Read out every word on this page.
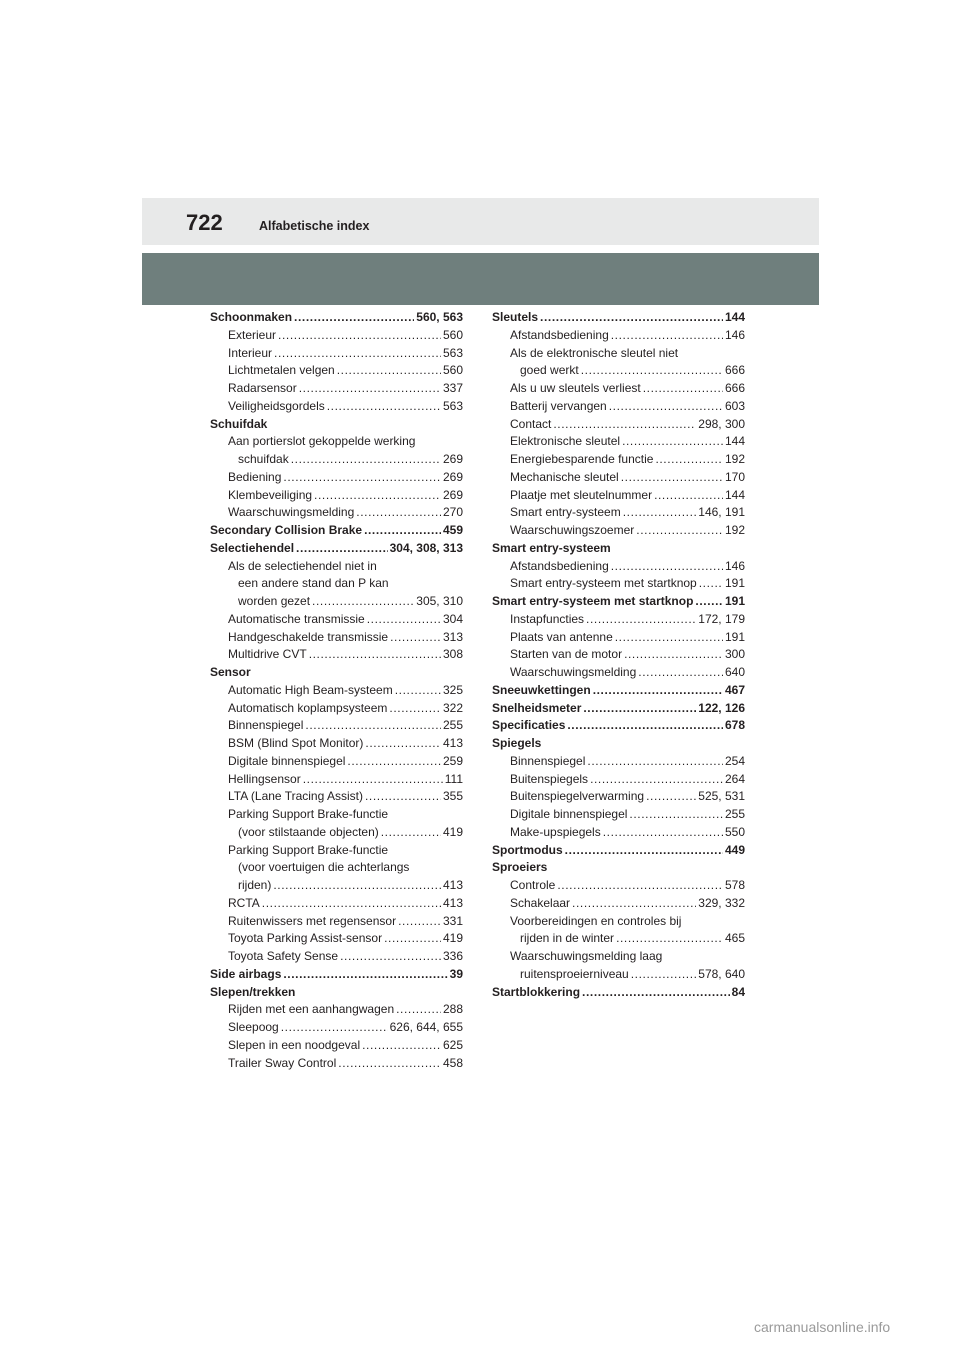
722	Alfabetische index
Schoonmaken .....	560, 563
Exterieur .....	560
Interieur .....	563
Lichtmetalen velgen .....	560
Radarsensor .....	337
Veiligheidsgordels .....	563
Schuifdak
Aan portierslot gekoppelde werking
schuifdak .....	269
Bediening .....	269
Klembeveiliging .....	269
Waarschuwingsmelding .....	270
Secondary Collision Brake .....	459
Selectiehendel .....	304, 308, 313
Als de selectiehendel niet in
een andere stand dan P kan
worden gezet .....	305, 310
Automatische transmissie .....	304
Handgeschakelde transmissie .....	313
Multidrive CVT .....	308
Sensor
Automatic High Beam-systeem .....	325
Automatisch koplampsysteem .....	322
Binnenspiegel .....	255
BSM (Blind Spot Monitor) .....	413
Digitale binnenspiegel .....	259
Hellingsensor .....	111
LTA (Lane Tracing Assist) .....	355
Parking Support Brake-functie
(voor stilstaande objecten) .....	419
Parking Support Brake-functie
(voor voertuigen die achterlangs
rijden) .....	413
RCTA .....	413
Ruitenwissers met regensensor .....	331
Toyota Parking Assist-sensor .....	419
Toyota Safety Sense .....	336
Side airbags .....	39
Slepen/trekken
Rijden met een aanhangwagen .....	288
Sleepoog .....	626, 644, 655
Slepen in een noodgeval .....	625
Trailer Sway Control .....	458
Sleutels .....	144
Afstandsbediening .....	146
Als de elektronische sleutel niet
goed werkt .....	666
Als u uw sleutels verliest .....	666
Batterij vervangen .....	603
Contact .....	298, 300
Elektronische sleutel .....	144
Energiebesparende functie .....	192
Mechanische sleutel .....	170
Plaatje met sleutelnummer .....	144
Smart entry-systeem .....	146, 191
Waarschuwingszoemer .....	192
Smart entry-systeem
Afstandsbediening .....	146
Smart entry-systeem met startknop ..... 191
Smart entry-systeem met startknop .....	191
Instapfuncties .....	172, 179
Plaats van antenne .....	191
Starten van de motor .....	300
Waarschuwingsmelding .....	640
Sneeuwkettingen .....	467
Snelheidsmeter .....	122, 126
Specificaties .....	678
Spiegels
Binnenspiegel .....	254
Buitenspiegels .....	264
Buitenspiegelverwarming .....	525, 531
Digitale binnenspiegel .....	255
Make-upspiegels .....	550
Sportmodus .....	449
Sproeiers
Controle .....	578
Schakelaar .....	329, 332
Voorbereidingen en controles bij
rijden in de winter .....	465
Waarschuwingsmelding laag
ruitensproeierniveau .....	578, 640
Startblokkering .....	84
carmanualsonline.info
